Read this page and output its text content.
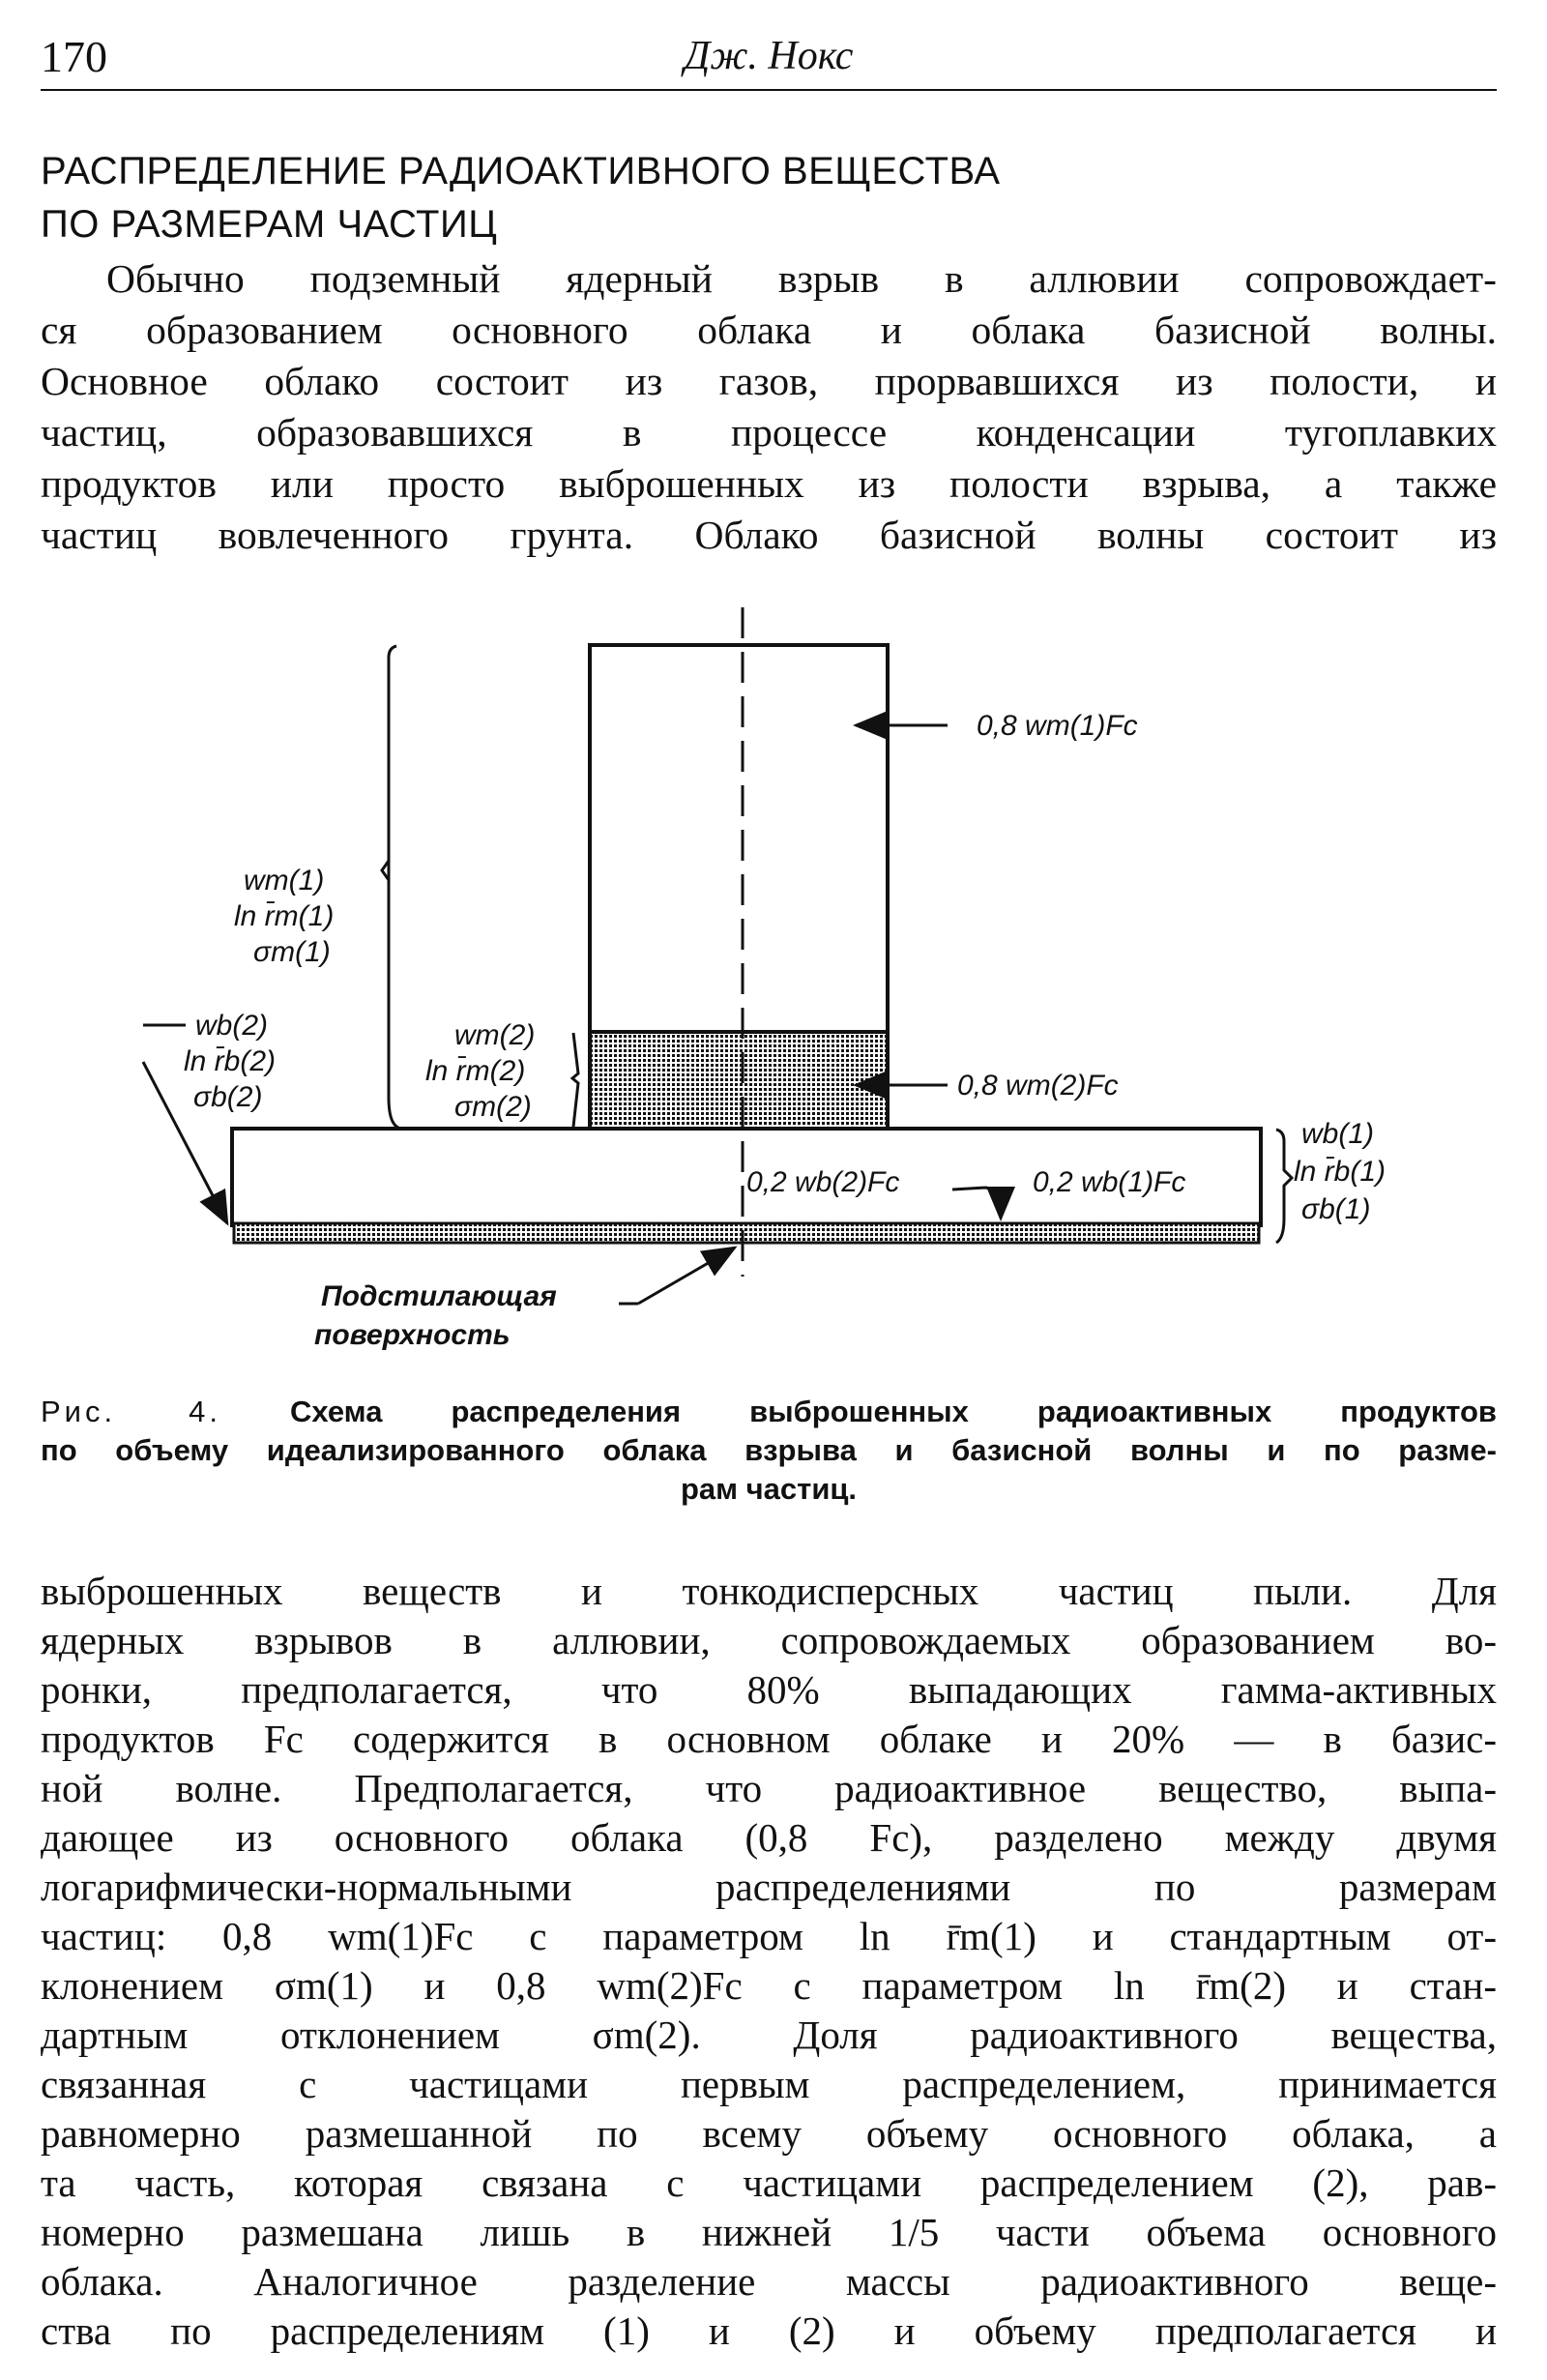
170	Дж. Нокс
РАСПРЕДЕЛЕНИЕ РАДИОАКТИВНОГО ВЕЩЕСТВА
ПО РАЗМЕРАМ ЧАСТИЦ
Обычно подземный ядерный взрыв в аллювии сопровождает-
ся образованием основного облака и облака базисной волны.
Основное облако состоит из газов, прорвавшихся из полости, и
частиц, образовавшихся в процессе конденсации тугоплавких
продуктов или просто выброшенных из полости взрыва, а также
частиц вовлеченного грунта. Облако базисной волны состоит из
0,8 wm(1)Fc
0,8 wm(2)Fc
wm(1)
ln r̄m(1)
σm(1)
wb(2)
ln r̄b(2)
σb(2)
wm(2)
ln r̄m(2)
σm(2)
wb(1)
ln r̄b(1)
σb(1)
0,2 wb(2)Fc	0,2 wb(1)Fc
Подстилающая
поверхность
Рис. 4. Схема распределения выброшенных радиоактивных продуктов
по объему идеализированного облака взрыва и базисной волны и по разме-
рам частиц.
выброшенных веществ и тонкодисперсных частиц пыли. Для
ядерных взрывов в аллювии, сопровождаемых образованием во-
ронки, предполагается, что 80% выпадающих гамма-активных
продуктов Fc содержится в основном облаке и 20% — в базис-
ной волне. Предполагается, что радиоактивное вещество, выпа-
дающее из основного облака (0,8 Fc), разделено между двумя
логарифмически-нормальными распределениями по размерам
частиц: 0,8 wm(1)Fc с параметром ln r̄m(1) и стандартным от-
клонением σm(1) и 0,8 wm(2)Fc с параметром ln r̄m(2) и стан-
дартным отклонением σm(2). Доля радиоактивного вещества,
связанная с частицами первым распределением, принимается
равномерно размешанной по всему объему основного облака, а
та часть, которая связана с частицами распределением (2), рав-
номерно размешана лишь в нижней 1/5 части объема основного
облака. Аналогичное разделение массы радиоактивного веще-
ства по распределениям (1) и (2) и объему предполагается и
